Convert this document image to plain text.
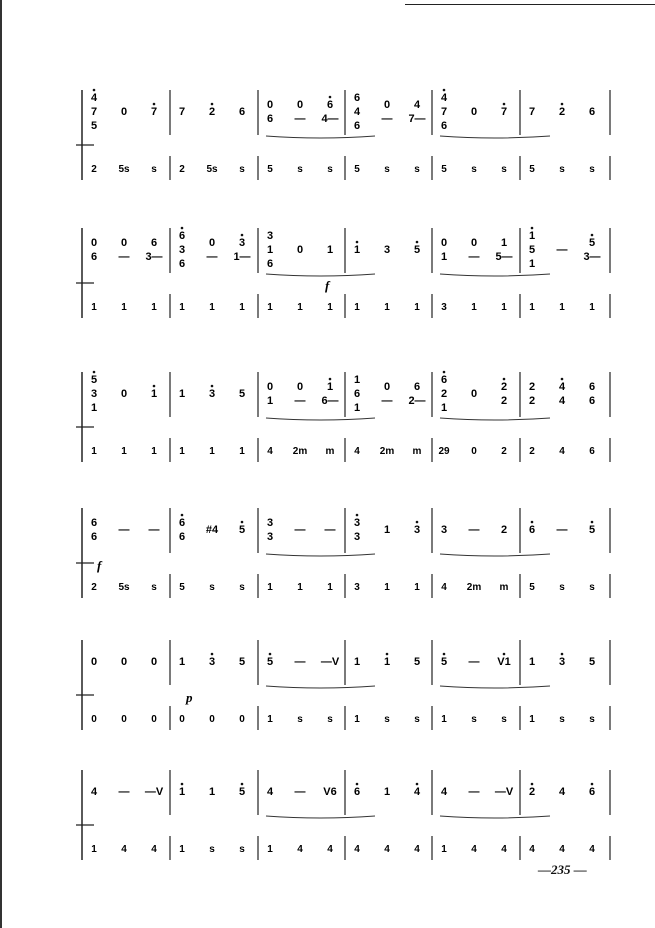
4
7
5
0 7 7 2 6
0
6
0
—
6
4—
6
4
6
0
—
4
7—
4
7
6
0 7 7 2 6
2 5s s 2 5s s 5 s s 5 s s 5 s s 5 s s
0
6
0
—
6
3—
6
3
6
0
—
3
1—
3
1
6
0 1 1 3 5
0
1
0
—
1
5—
1
5
1
—
5
3—
1 1 1 1 1 1 1 1 1 1 1 1 3 1 1 1 1 1
f
5
3
1
0 1 1 3 5
0
1
0
—
1
6—
1
6
1
0
—
6
2—
6
2
1
0
2
2
2
2
4
4
6
6
1 1 1 1 1 1 4 2m m 4 2m m 29 0 2 2 4 6
6
6
— —
6
6
#4 5
3
3
— —
3
3
1 3 3 — 2 6 — 5
2 5s s 5 s s 1 1 1 3 1 1 4 2m m 5 s s
f
0 0 0 1 3 5 5 — —V 1 1 5 5 — V1 1 3 5
0 0 0 0 0 0 1 s s 1 s s 1 s s 1 s s
p
4 — —V 1 1 5 4 — V6 6 1 4 4 — —V 2 4 6
1 4 4 1 s s 1 4 4 4 4 4 1 4 4 4 4 4
—235 —
